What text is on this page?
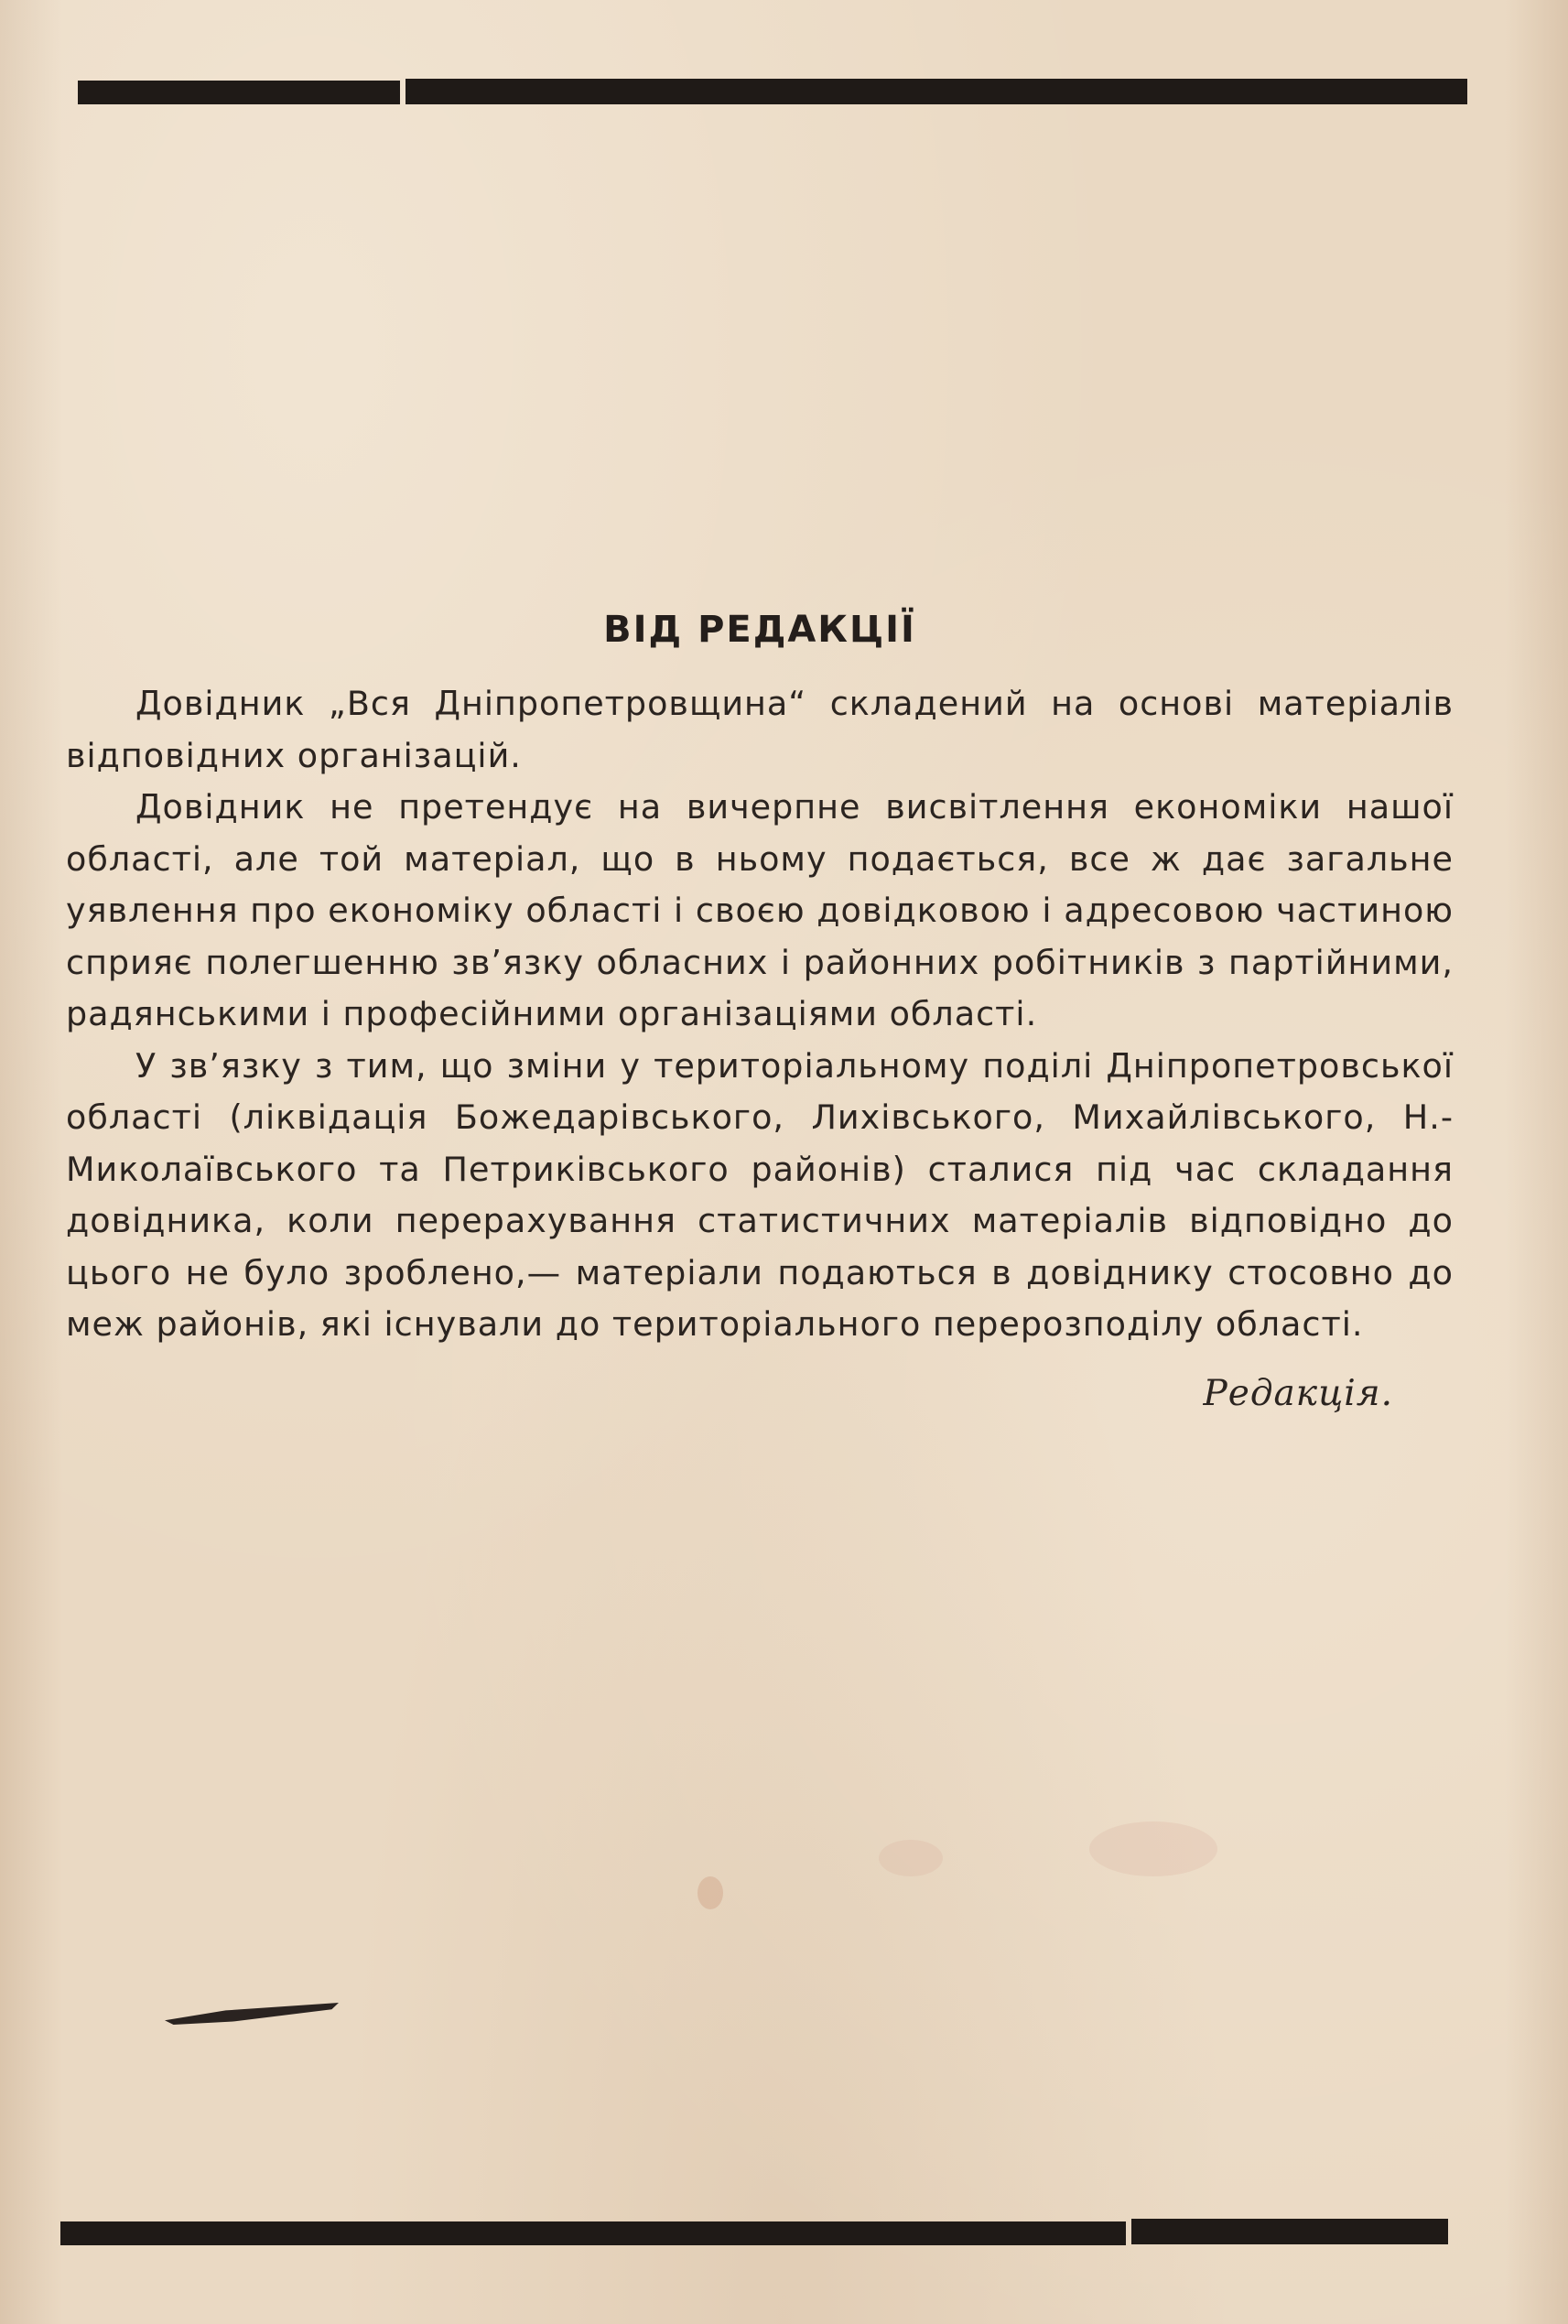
ВІД РЕДАКЦІЇ

Довідник „Вся Дніпропетровщина“ складений на основі матеріалів відповідних організацій.

Довідник не претендує на вичерпне висвітлення економіки нашої області, але той матеріал, що в ньому подається, все ж дає загальне уявлення про економіку області і своєю довідковою і адресовою частиною сприяє полегшенню зв’язку обласних і районних робітників з партійними, радянськими і професійними організаціями області.

У зв’язку з тим, що зміни у територіальному поділі Дніпропетровської області (ліквідація Божедарівського, Лихівського, Михайлівського, Н.-Миколаївського та Петриківського районів) сталися під час складання довідника, коли перерахування статистичних матеріалів відповідно до цього не було зроблено,— матеріали подаються в довіднику стосовно до меж районів, які існували до територіального перерозподілу області.

Редакція.
